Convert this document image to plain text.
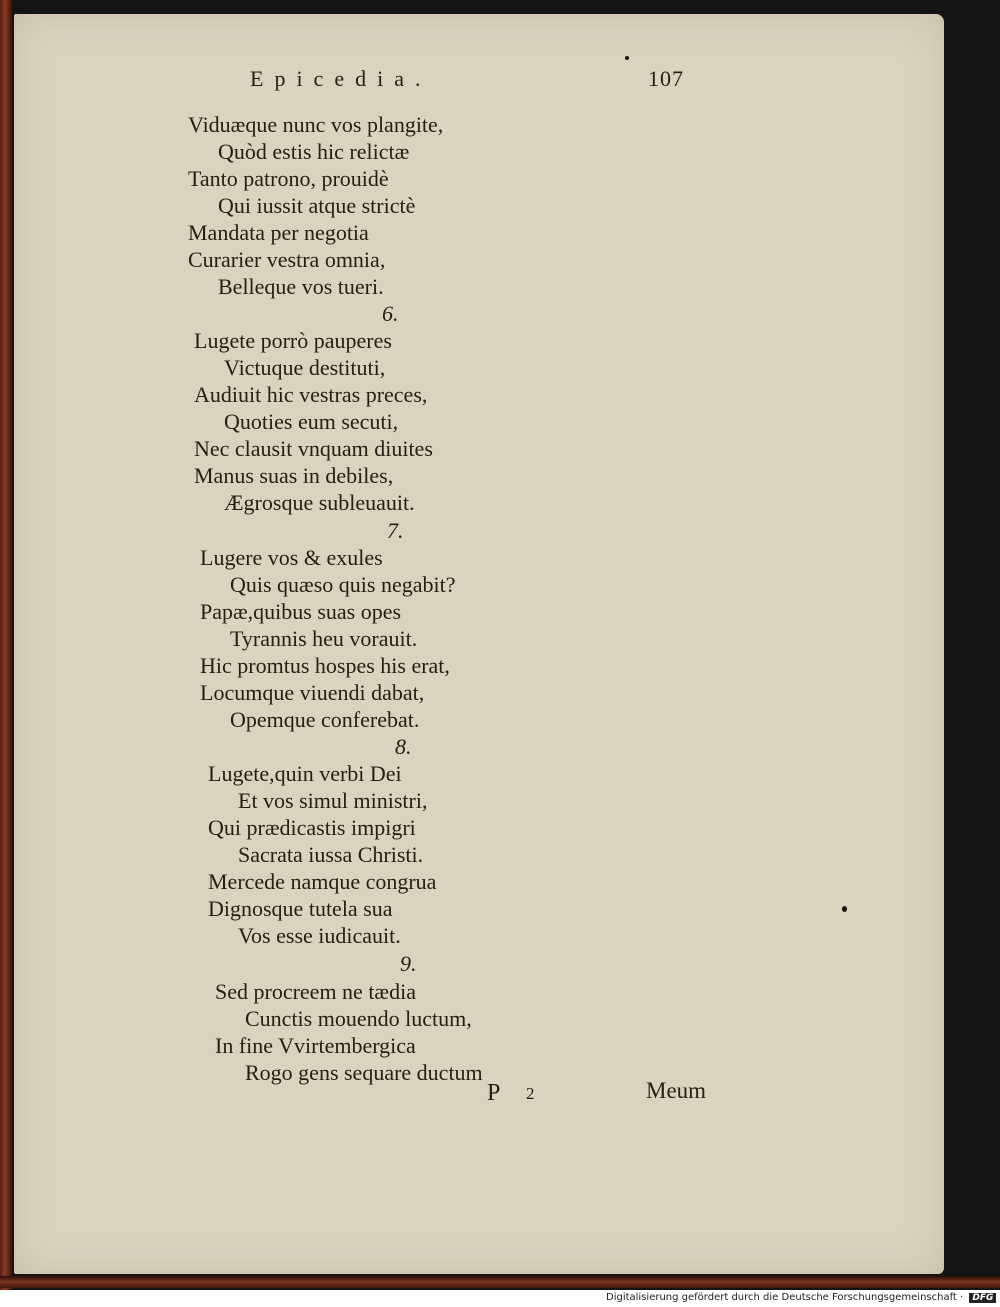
Epicedia.	107
Viduæque nunc vos plangite,
Quòd estis hic relictæ
Tanto patrono, prouidè
Qui iussit atque strictè
Mandata per negotia
Curarier vestra omnia,
Belleque vos tueri.
6.
Lugete porrò pauperes
Victuque destituti,
Audiuit hic vestras preces,
Quoties eum secuti,
Nec clausit vnquam diuites
Manus suas in debiles,
Ægrosque subleuauit.
7.
Lugere vos & exules
Quis quæso quis negabit?
Papæ,quibus suas opes
Tyrannis heu vorauit.
Hic promtus hospes his erat,
Locumque viuendi dabat,
Opemque conferebat.
8.
Lugete,quin verbi Dei
Et vos simul ministri,
Qui prædicastis impigri
Sacrata iussa Christi.
Mercede namque congrua
Dignosque tutela sua
Vos esse iudicauit.
9.
Sed procreem ne tædia
Cunctis mouendo luctum,
In fine Vvirtembergica
Rogo gens sequare ductum
P 2	Meum
Digitalisierung gefördert durch die Deutsche Forschungsgemeinschaft · DFG
